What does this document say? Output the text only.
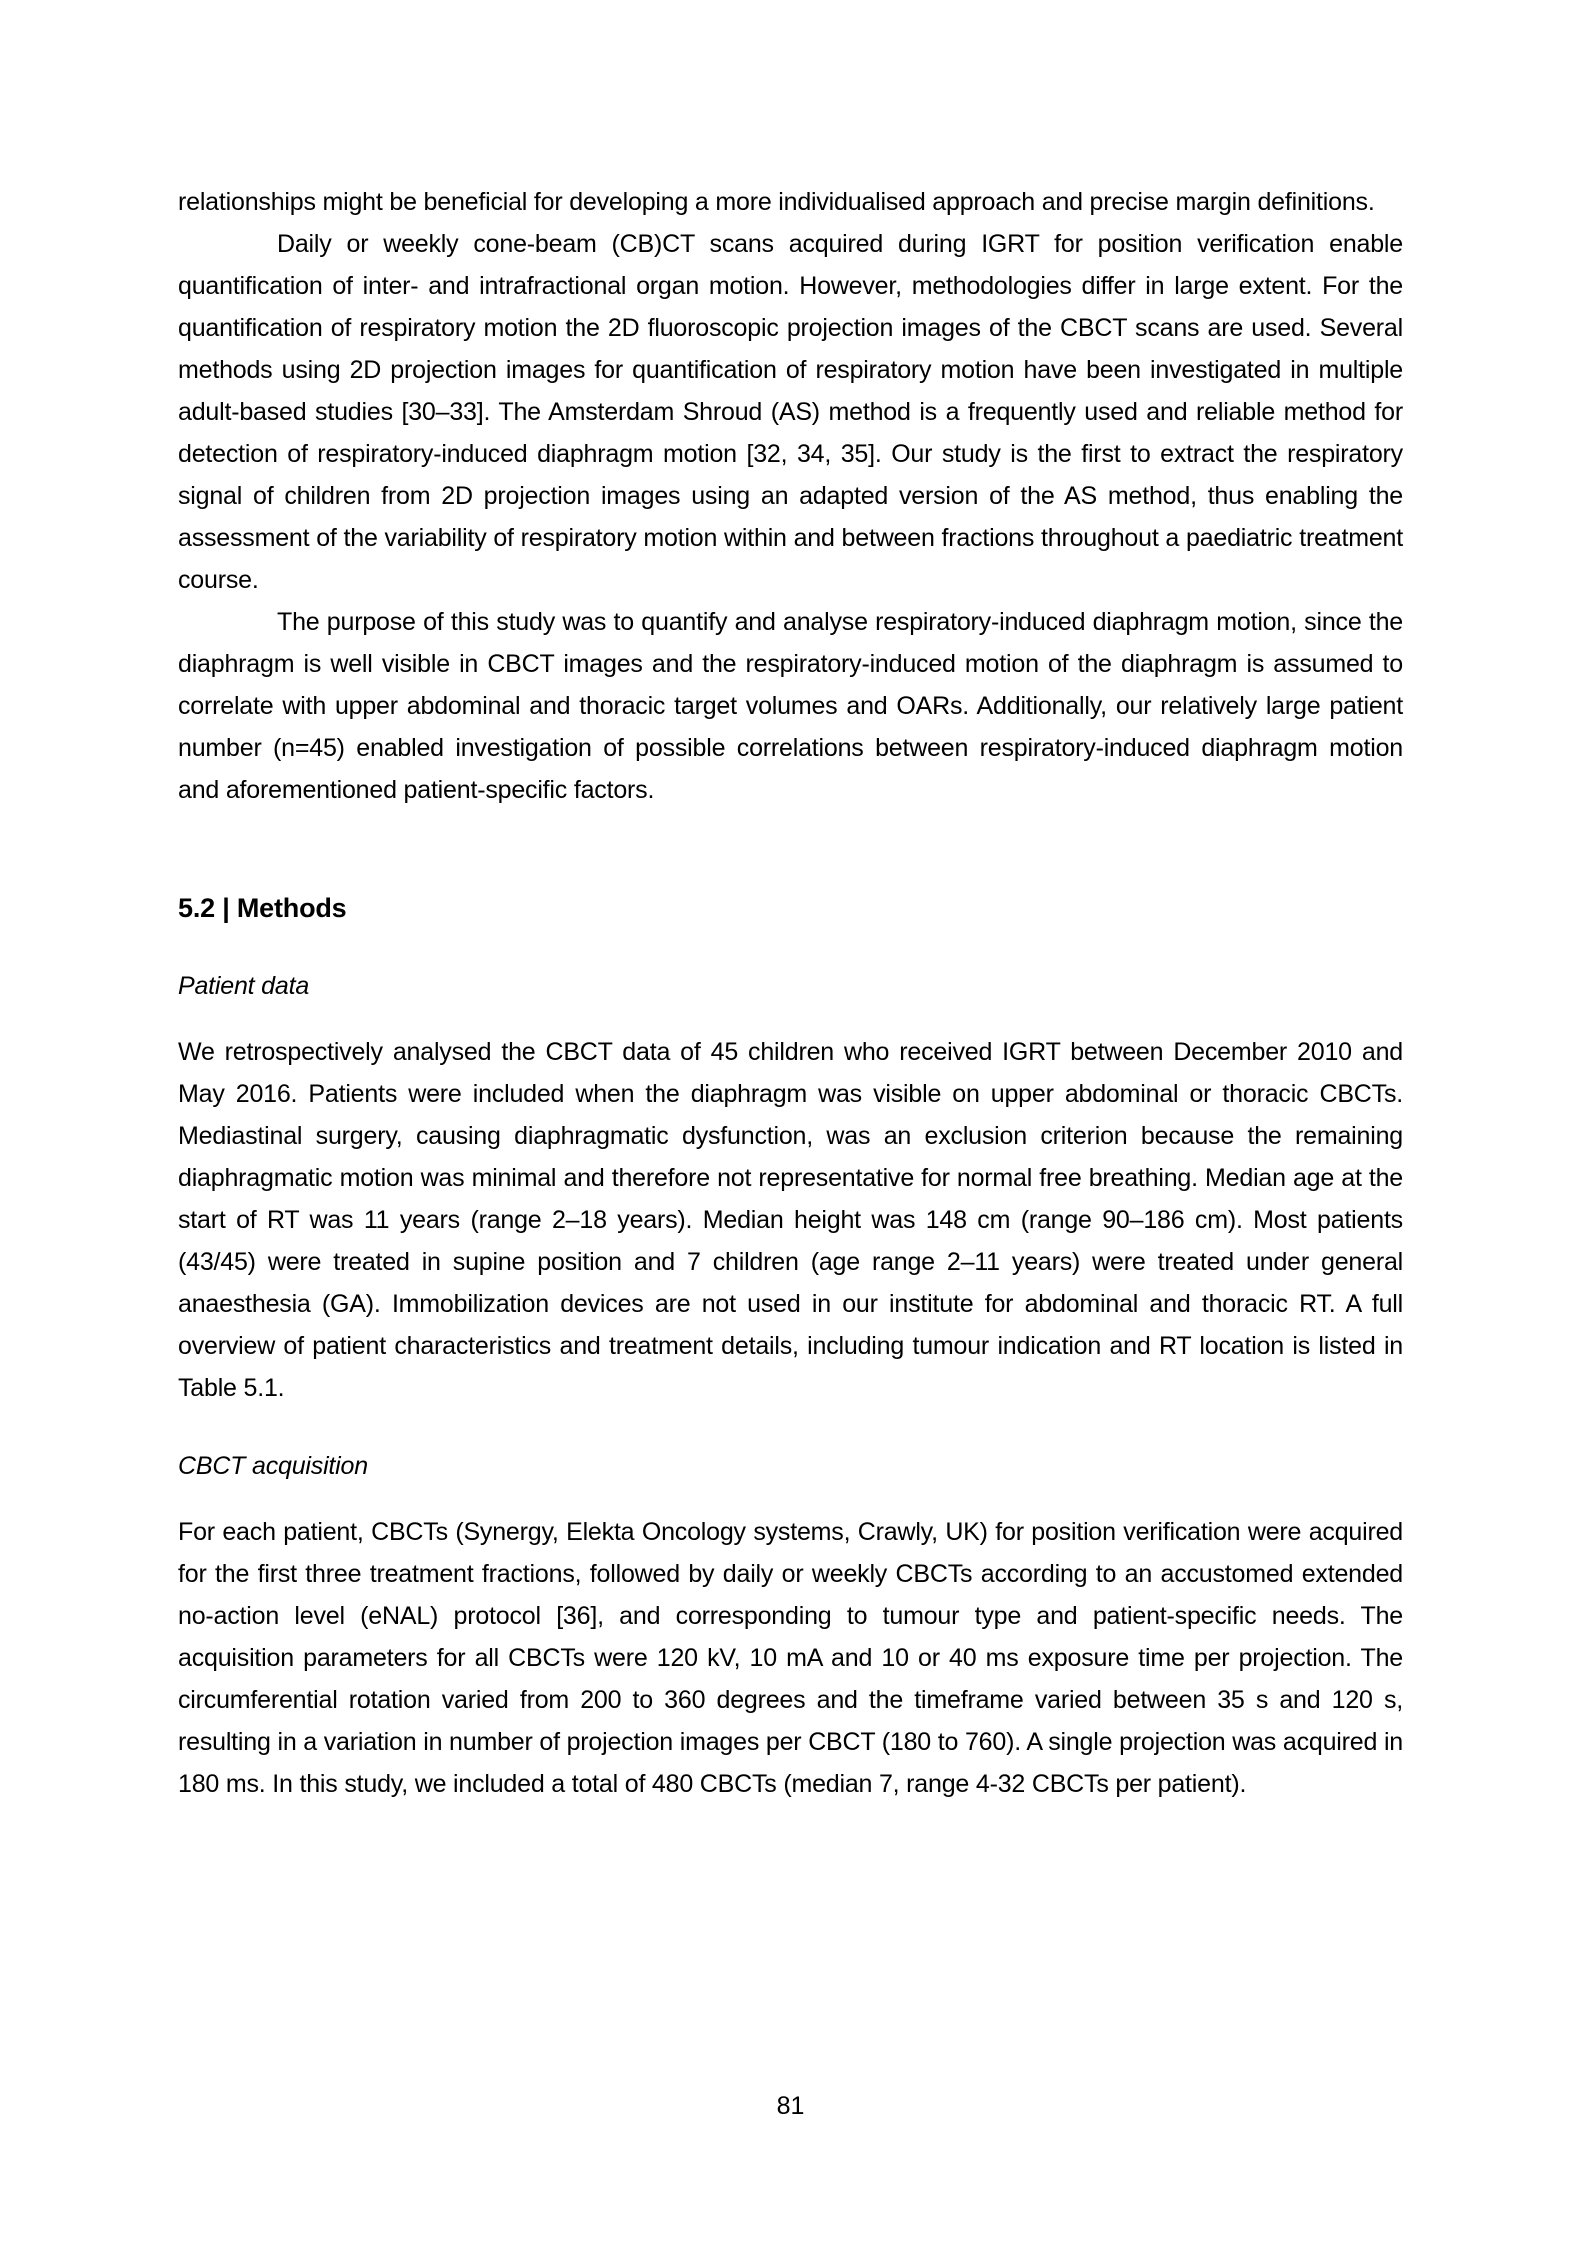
relationships might be beneficial for developing a more individualised approach and precise margin definitions.

Daily or weekly cone-beam (CB)CT scans acquired during IGRT for position verification enable quantification of inter- and intrafractional organ motion. However, methodologies differ in large extent. For the quantification of respiratory motion the 2D fluoroscopic projection images of the CBCT scans are used. Several methods using 2D projection images for quantification of respiratory motion have been investigated in multiple adult-based studies [30–33]. The Amsterdam Shroud (AS) method is a frequently used and reliable method for detection of respiratory-induced diaphragm motion [32, 34, 35]. Our study is the first to extract the respiratory signal of children from 2D projection images using an adapted version of the AS method, thus enabling the assessment of the variability of respiratory motion within and between fractions throughout a paediatric treatment course.

The purpose of this study was to quantify and analyse respiratory-induced diaphragm motion, since the diaphragm is well visible in CBCT images and the respiratory-induced motion of the diaphragm is assumed to correlate with upper abdominal and thoracic target volumes and OARs. Additionally, our relatively large patient number (n=45) enabled investigation of possible correlations between respiratory-induced diaphragm motion and aforementioned patient-specific factors.

5.2 | Methods
Patient data

We retrospectively analysed the CBCT data of 45 children who received IGRT between December 2010 and May 2016. Patients were included when the diaphragm was visible on upper abdominal or thoracic CBCTs. Mediastinal surgery, causing diaphragmatic dysfunction, was an exclusion criterion because the remaining diaphragmatic motion was minimal and therefore not representative for normal free breathing. Median age at the start of RT was 11 years (range 2–18 years). Median height was 148 cm (range 90–186 cm). Most patients (43/45) were treated in supine position and 7 children (age range 2–11 years) were treated under general anaesthesia (GA). Immobilization devices are not used in our institute for abdominal and thoracic RT. A full overview of patient characteristics and treatment details, including tumour indication and RT location is listed in Table 5.1.

CBCT acquisition

For each patient, CBCTs (Synergy, Elekta Oncology systems, Crawly, UK) for position verification were acquired for the first three treatment fractions, followed by daily or weekly CBCTs according to an accustomed extended no-action level (eNAL) protocol [36], and corresponding to tumour type and patient-specific needs. The acquisition parameters for all CBCTs were 120 kV, 10 mA and 10 or 40 ms exposure time per projection. The circumferential rotation varied from 200 to 360 degrees and the timeframe varied between 35 s and 120 s, resulting in a variation in number of projection images per CBCT (180 to 760). A single projection was acquired in 180 ms. In this study, we included a total of 480 CBCTs (median 7, range 4-32 CBCTs per patient).

81
